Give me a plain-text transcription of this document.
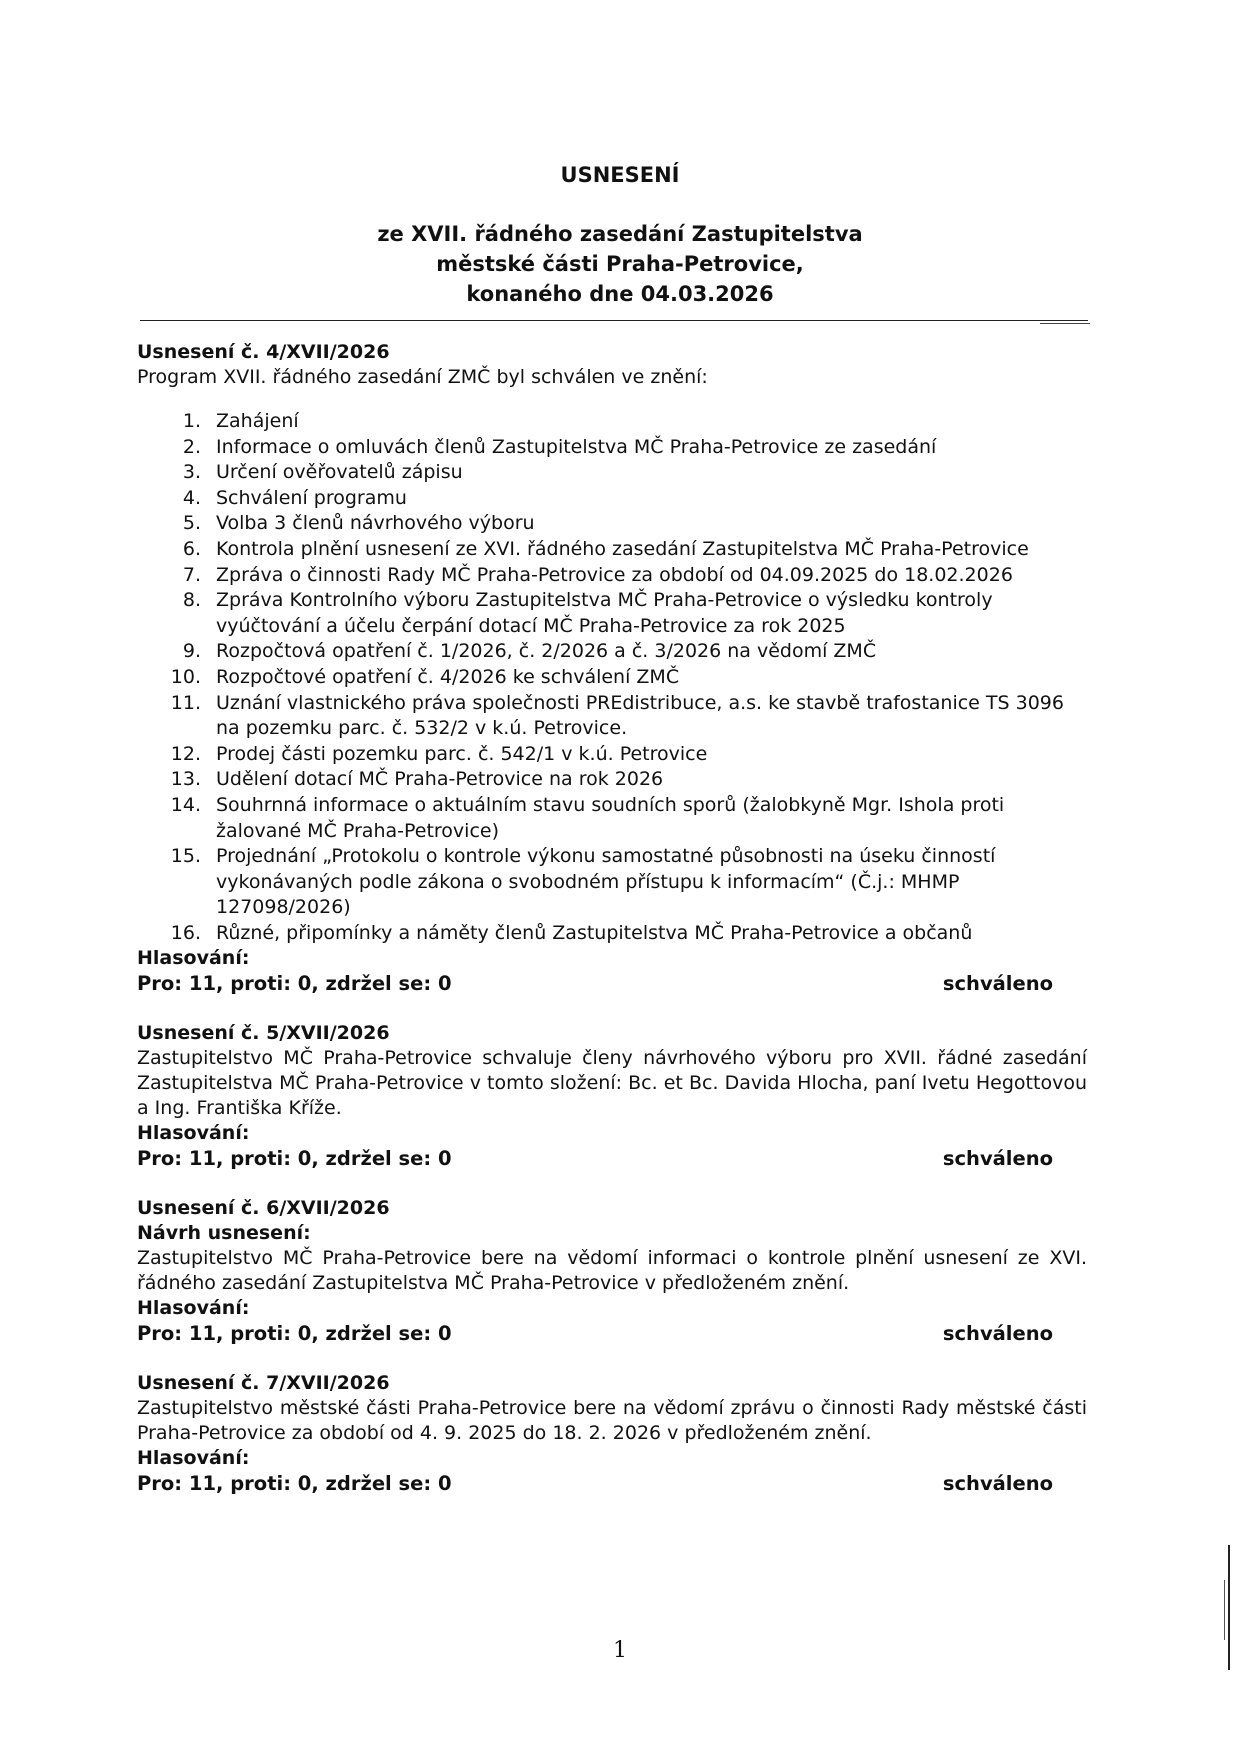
USNESENÍ
ze XVII. řádného zasedání Zastupitelstva
městské části Praha-Petrovice,
konaného dne 04.03.2026
Usnesení č. 4/XVII/2026
Program XVII. řádného zasedání ZMČ byl schválen ve znění:
1. Zahájení
2. Informace o omluvách členů Zastupitelstva MČ Praha-Petrovice ze zasedání
3. Určení ověřovatelů zápisu
4. Schválení programu
5. Volba 3 členů návrhového výboru
6. Kontrola plnění usnesení ze XVI. řádného zasedání Zastupitelstva MČ Praha-Petrovice
7. Zpráva o činnosti Rady MČ Praha-Petrovice za období od 04.09.2025 do 18.02.2026
8. Zpráva Kontrolního výboru Zastupitelstva MČ Praha-Petrovice o výsledku kontroly vyúčtování a účelu čerpání dotací MČ Praha-Petrovice za rok 2025
9. Rozpočtová opatření č. 1/2026, č. 2/2026 a č. 3/2026 na vědomí ZMČ
10. Rozpočtové opatření č. 4/2026 ke schválení ZMČ
11. Uznání vlastnického práva společnosti PREdistribuce, a.s. ke stavbě trafostanice TS 3096 na pozemku parc. č. 532/2 v k.ú. Petrovice.
12. Prodej části pozemku parc. č. 542/1 v k.ú. Petrovice
13. Udělení dotací MČ Praha-Petrovice na rok 2026
14. Souhrnná informace o aktuálním stavu soudních sporů (žalobkyně Mgr. Ishola proti žalované MČ Praha-Petrovice)
15. Projednání „Protokolu o kontrole výkonu samostatné působnosti na úseku činností vykonávaných podle zákona o svobodném přístupu k informacím“ (Č.j.: MHMP 127098/2026)
16. Různé, připomínky a náměty členů Zastupitelstva MČ Praha-Petrovice a občanů
Hlasování:
Pro: 11, proti: 0, zdržel se: 0	schváleno
Usnesení č. 5/XVII/2026
Zastupitelstvo MČ Praha-Petrovice schvaluje členy návrhového výboru pro XVII. řádné zasedání Zastupitelstva MČ Praha-Petrovice v tomto složení: Bc. et Bc. Davida Hlocha, paní Ivetu Hegottovou a Ing. Františka Kříže.
Hlasování:
Pro: 11, proti: 0, zdržel se: 0	schváleno
Usnesení č. 6/XVII/2026
Návrh usnesení:
Zastupitelstvo MČ Praha-Petrovice bere na vědomí informaci o kontrole plnění usnesení ze XVI. řádného zasedání Zastupitelstva MČ Praha-Petrovice v předloženém znění.
Hlasování:
Pro: 11, proti: 0, zdržel se: 0	schváleno
Usnesení č. 7/XVII/2026
Zastupitelstvo městské části Praha-Petrovice bere na vědomí zprávu o činnosti Rady městské části Praha-Petrovice za období od 4. 9. 2025 do 18. 2. 2026 v předloženém znění.
Hlasování:
Pro: 11, proti: 0, zdržel se: 0	schváleno
1
